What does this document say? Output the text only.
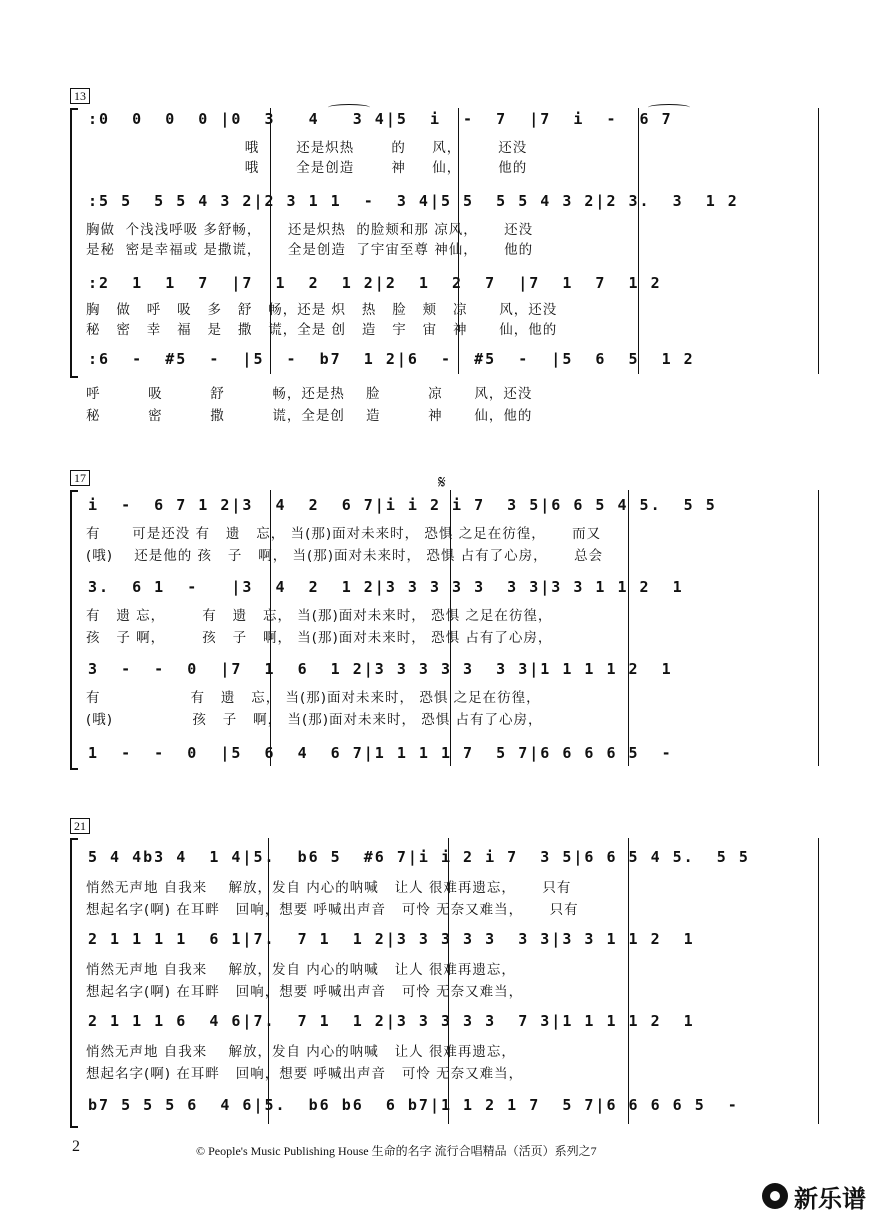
13
:0  0  0  0 |0  3   4   3 4|5  i  -  7  |7  i  -  6 7
哦       还是炽热       的     风，       还没
哦       全是创造       神     仙，       他的
:5 5  5 5 4 3 2|2 3 1 1  -  3 4|5 5  5 5 4 3 2|2 3.  3  1 2
胸做  个浅浅呼吸 多舒畅，     还是炽热  的脸颊和那 凉风，     还没
是秘  密是幸福或 是撒谎，     全是创造  了宇宙至尊 神仙，     他的
:2  1  1  7  |7  1  2  1 2|2  1  2  7  |7  1  7  1 2
胸   做   呼   吸   多   舒   畅，还是 炽   热   脸   颊   凉      风，还没
秘   密   幸   福   是   撒   谎，全是 创   造   宇   宙   神      仙，他的
:6  -  #5  -  |5  -  b7  1 2|6  -  #5  -  |5  6  5  1 2
呼         吸         舒         畅，还是热    脸         凉      风，还没
秘         密         撒         谎，全是创    造         神      仙，他的
𝄋
17
i  -  6 7 1 2|3  4  2  6 7|i i 2 i 7  3 5|6 6 5 4 5.  5 5
有      可是还没 有   遗   忘， 当(那)面对未来时， 恐惧 之足在彷徨，     而又
(哦)    还是他的 孩   子   啊， 当(那)面对未来时， 恐惧 占有了心房，     总会
3.  6 1  -   |3  4  2  1 2|3 3 3 3 3  3 3|3 3 1 1 2  1
有   遗 忘，       有   遗   忘， 当(那)面对未来时， 恐惧 之足在彷徨，
孩   子 啊，       孩   子   啊， 当(那)面对未来时， 恐惧 占有了心房，
3  -  -  0  |7  1  6  1 2|3 3 3 3 3  3 3|1 1 1 1 2  1
有                 有   遗   忘， 当(那)面对未来时， 恐惧 之足在彷徨，
(哦)               孩   子   啊， 当(那)面对未来时， 恐惧 占有了心房，
1  -  -  0  |5  6  4  6 7|1 1 1 1 7  5 7|6 6 6 6 5  -
21
5 4 4b3 4  1 4|5.  b6 5  #6 7|i i 2 i 7  3 5|6 6 5 4 5.  5 5
悄然无声地 自我来    解放，发自 内心的呐喊   让人 很难再遗忘，     只有
想起名字(啊) 在耳畔   回响，想要 呼喊出声音   可怜 无奈又难当，     只有
2 1 1 1 1  6 1|7.  7 1  1 2|3 3 3 3 3  3 3|3 3 1 1 2  1
悄然无声地 自我来    解放，发自 内心的呐喊   让人 很难再遗忘，
想起名字(啊) 在耳畔   回响，想要 呼喊出声音   可怜 无奈又难当，
2 1 1 1 6  4 6|7.  7 1  1 2|3 3 3 3 3  7 3|1 1 1 1 2  1
悄然无声地 自我来    解放，发自 内心的呐喊   让人 很难再遗忘，
想起名字(啊) 在耳畔   回响，想要 呼喊出声音   可怜 无奈又难当，
b7 5 5 5 6  4 6|5.  b6 b6  6 b7|1 1 2 1 7  5 7|6 6 6 6 5  -
2	© People's Music Publishing House 生命的名字 流行合唱精品（活页）系列之7
新乐谱
